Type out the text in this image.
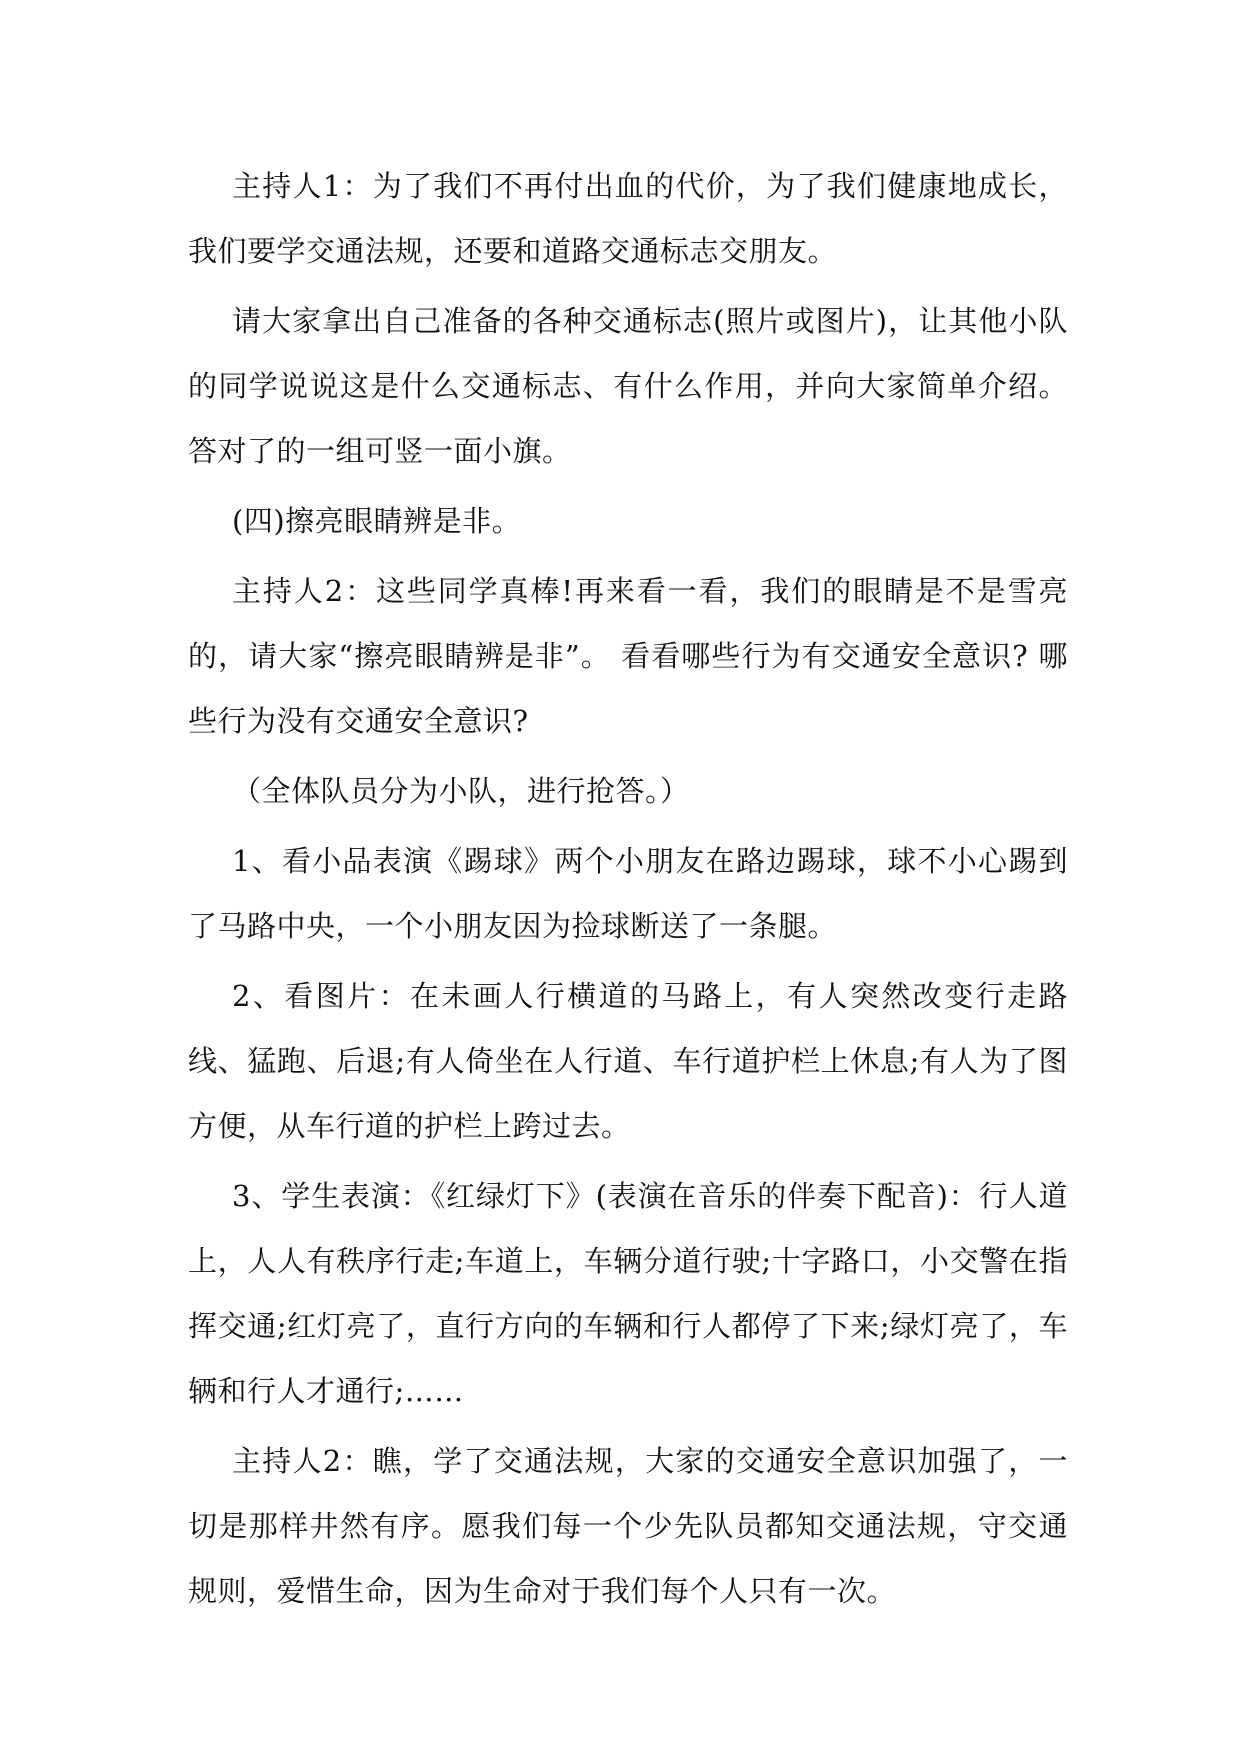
主持人1：为了我们不再付出血的代价，为了我们健康地成长，我们要学交通法规，还要和道路交通标志交朋友。

请大家拿出自己准备的各种交通标志(照片或图片)，让其他小队的同学说说这是什么交通标志、有什么作用，并向大家简单介绍。答对了的一组可竖一面小旗。

(四)擦亮眼睛辨是非。

主持人2：这些同学真棒!再来看一看，我们的眼睛是不是雪亮的，请大家“擦亮眼睛辨是非”。 看看哪些行为有交通安全意识? 哪些行为没有交通安全意识?

（全体队员分为小队，进行抢答。）

1、看小品表演《踢球》两个小朋友在路边踢球，球不小心踢到了马路中央，一个小朋友因为捡球断送了一条腿。

2、看图片：在未画人行横道的马路上，有人突然改变行走路线、猛跑、后退;有人倚坐在人行道、车行道护栏上休息;有人为了图方便，从车行道的护栏上跨过去。

3、学生表演：《红绿灯下》(表演在音乐的伴奏下配音)：行人道上，人人有秩序行走;车道上，车辆分道行驶;十字路口，小交警在指挥交通;红灯亮了，直行方向的车辆和行人都停了下来;绿灯亮了，车辆和行人才通行;……

主持人2：瞧，学了交通法规，大家的交通安全意识加强了，一切是那样井然有序。愿我们每一个少先队员都知交通法规，守交通规则，爱惜生命，因为生命对于我们每个人只有一次。
